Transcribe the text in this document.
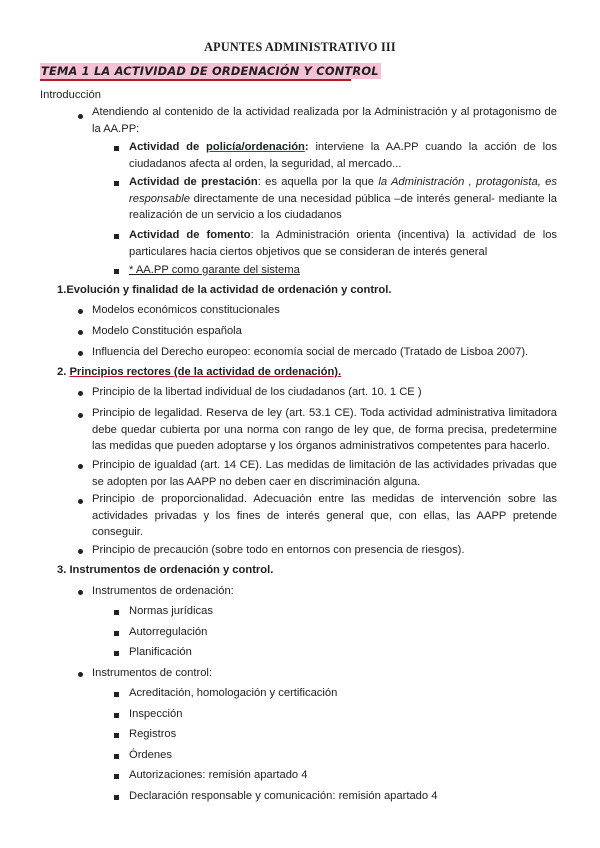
APUNTES ADMINISTRATIVO III
TEMA 1 LA ACTIVIDAD DE ORDENACIÓN Y CONTROL
Introducción
Atendiendo al contenido de la actividad realizada por la Administración y al protagonismo de la AA.PP:
Actividad de policía/ordenación: interviene la AA.PP cuando la acción de los ciudadanos afecta al orden, la seguridad, al mercado...
Actividad de prestación: es aquella por la que la Administración , protagonista, es responsable directamente de una necesidad pública –de interés general- mediante la realización de un servicio a los ciudadanos
Actividad de fomento: la Administración orienta (incentiva) la actividad de los particulares hacia ciertos objetivos que se consideran de interés general
* AA.PP como garante del sistema
1.Evolución y finalidad de la actividad de ordenación y control.
Modelos económicos constitucionales
Modelo Constitución española
Influencia del Derecho europeo: economía social de mercado (Tratado de Lisboa 2007).
2. Principios rectores (de la actividad de ordenación).
Principio de la libertad individual de los ciudadanos (art. 10. 1 CE )
Principio de legalidad. Reserva de ley (art. 53.1 CE). Toda actividad administrativa limitadora debe quedar cubierta por una norma con rango de ley que, de forma precisa, predetermine las medidas que pueden adoptarse y los órganos administrativos competentes para hacerlo.
Principio de igualdad (art. 14 CE). Las medidas de limitación de las actividades privadas que se adopten por las AAPP no deben caer en discriminación alguna.
Principio de proporcionalidad. Adecuación entre las medidas de intervención sobre las actividades privadas y los fines de interés general que, con ellas, las AAPP pretende conseguir.
Principio de precaución (sobre todo en entornos con presencia de riesgos).
3. Instrumentos de ordenación y control.
Instrumentos de ordenación:
Normas jurídicas
Autorregulación
Planificación
Instrumentos de control:
Acreditación, homologación y certificación
Inspección
Registros
Órdenes
Autorizaciones: remisión apartado 4
Declaración responsable y comunicación: remisión apartado 4
